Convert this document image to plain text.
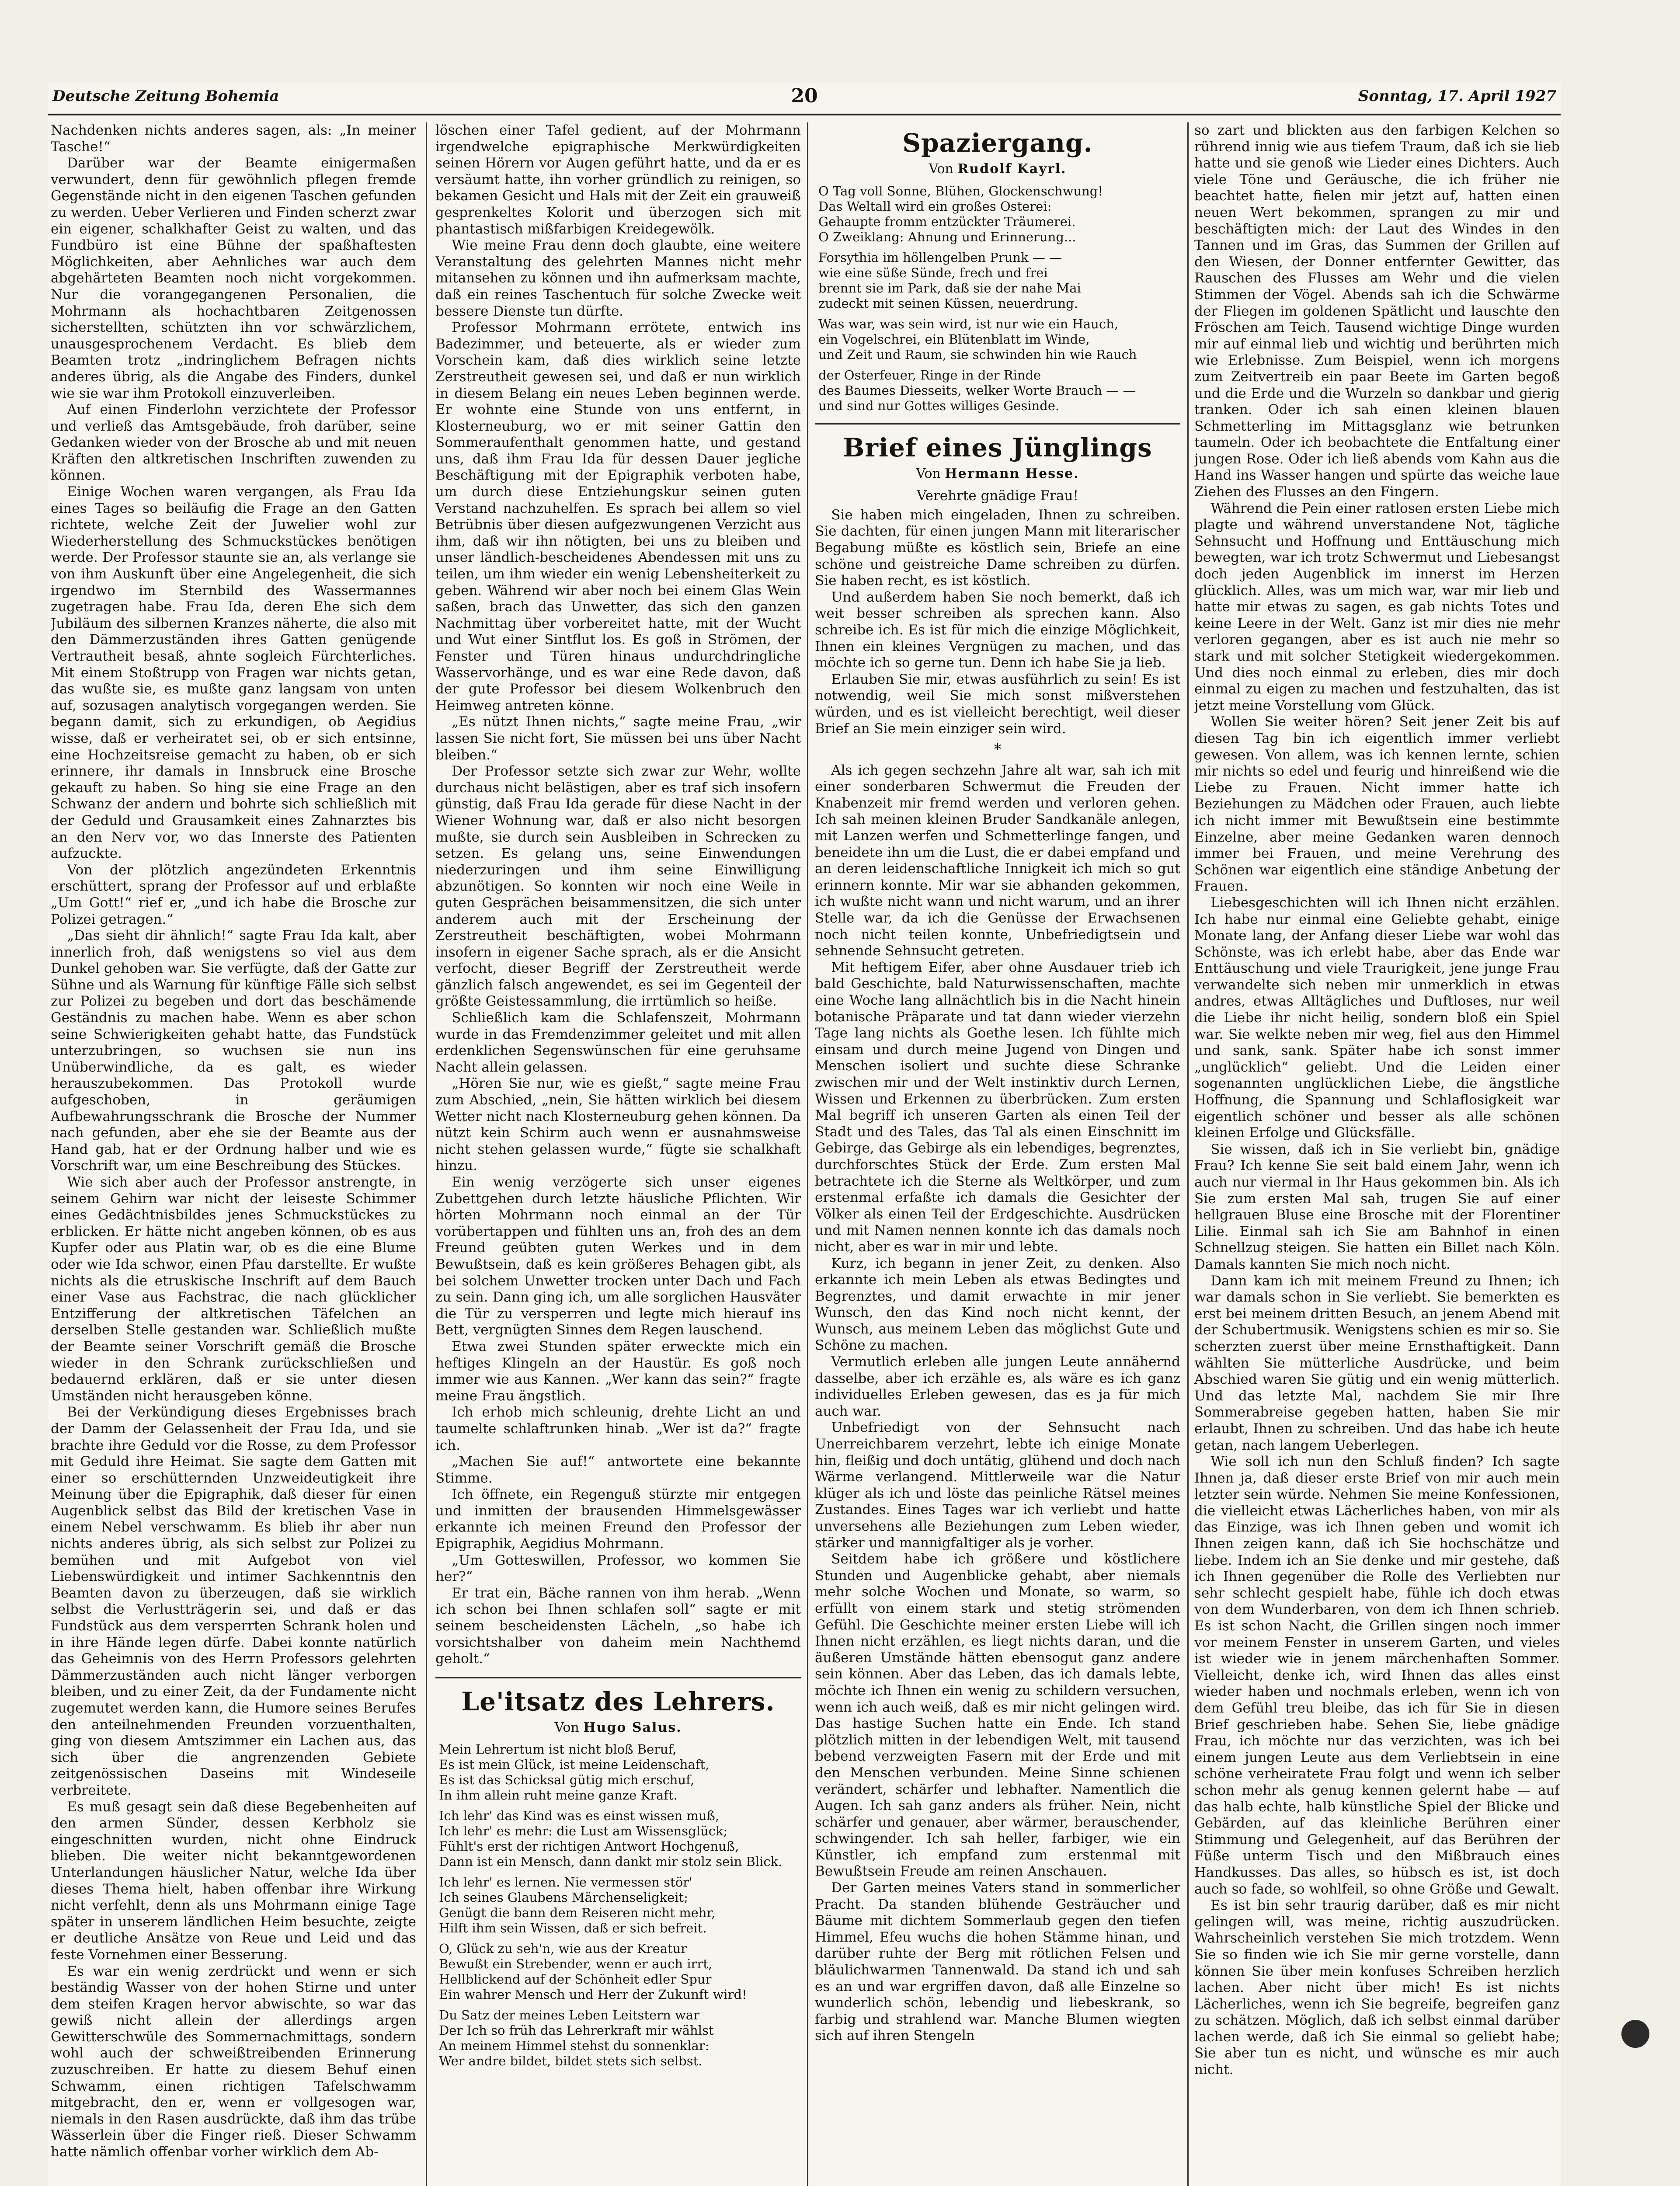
Deutsche Zeitung Bohemia	20	Sonntag, 17. April 1927

Nachdenken nichts anderes sagen, als: „In meiner Tasche!“

Darüber war der Beamte einigermaßen verwundert, denn für gewöhnlich pflegen fremde Gegenstände nicht in den eigenen Taschen gefunden zu werden. Ueber Verlieren und Finden scherzt zwar ein eigener, schalkhafter Geist zu walten, und das Fundbüro ist eine Bühne der spaßhaftesten Möglichkeiten, aber Aehnliches war auch dem abgehärteten Beamten noch nicht vorgekommen. Nur die vorangegangenen Personalien, die Mohrmann als hochachtbaren Zeitgenossen sicherstellten, schützten ihn vor schwärzlichem, unausgesprochenem Verdacht. Es blieb dem Beamten trotz „indringlichem Befragen nichts anderes übrig, als die Angabe des Finders, dunkel wie sie war ihm Protokoll einzuverleiben.

Auf einen Finderlohn verzichtete der Professor und verließ das Amtsgebäude, froh darüber, seine Gedanken wieder von der Brosche ab und mit neuen Kräften den altkretischen Inschriften zuwenden zu können.

Einige Wochen waren vergangen, als Frau Ida eines Tages so beiläufig die Frage an den Gatten richtete, welche Zeit der Juwelier wohl zur Wiederherstellung des Schmuckstückes benötigen werde. Der Professor staunte sie an, als verlange sie von ihm Auskunft über eine Angelegenheit, die sich irgendwo im Sternbild des Wassermannes zugetragen habe. Frau Ida, deren Ehe sich dem Jubiläum des silbernen Kranzes näherte, die also mit den Dämmerzuständen ihres Gatten genügende Vertrautheit besaß, ahnte sogleich Fürchterliches. Mit einem Stoßtrupp von Fragen war nichts getan, das wußte sie, es mußte ganz langsam von unten auf, sozusagen analytisch vorgegangen werden. Sie begann damit, sich zu erkundigen, ob Aegidius wisse, daß er verheiratet sei, ob er sich entsinne, eine Hochzeitsreise gemacht zu haben, ob er sich erinnere, ihr damals in Innsbruck eine Brosche gekauft zu haben. So hing sie eine Frage an den Schwanz der andern und bohrte sich schließlich mit der Geduld und Grausamkeit eines Zahnarztes bis an den Nerv vor, wo das Innerste des Patienten aufzuckte.

Von der plötzlich angezündeten Erkenntnis erschüttert, sprang der Professor auf und erblaßte „Um Gott!“ rief er, „und ich habe die Brosche zur Polizei getragen.“

„Das sieht dir ähnlich!“ sagte Frau Ida kalt, aber innerlich froh, daß wenigstens so viel aus dem Dunkel gehoben war. Sie verfügte, daß der Gatte zur Sühne und als Warnung für künftige Fälle sich selbst zur Polizei zu begeben und dort das beschämende Geständnis zu machen habe. Wenn es aber schon seine Schwierigkeiten gehabt hatte, das Fundstück unterzubringen, so wuchsen sie nun ins Unüberwindliche, da es galt, es wieder herauszubekommen. Das Protokoll wurde aufgeschoben, in geräumigen Aufbewahrungsschrank die Brosche der Nummer nach gefunden, aber ehe sie der Beamte aus der Hand gab, hat er der Ordnung halber und wie es Vorschrift war, um eine Beschreibung des Stückes.

Wie sich aber auch der Professor anstrengte, in seinem Gehirn war nicht der leiseste Schimmer eines Gedächtnisbildes jenes Schmuckstückes zu erblicken. Er hätte nicht angeben können, ob es aus Kupfer oder aus Platin war, ob es die eine Blume oder wie Ida schwor, einen Pfau darstellte. Er wußte nichts als die etruskische Inschrift auf dem Bauch einer Vase aus Fachstrac, die nach glücklicher Entzifferung der altkretischen Täfelchen an derselben Stelle gestanden war. Schließlich mußte der Beamte seiner Vorschrift gemäß die Brosche wieder in den Schrank zurückschließen und bedauernd erklären, daß er sie unter diesen Umständen nicht herausgeben könne.

Bei der Verkündigung dieses Ergebnisses brach der Damm der Gelassenheit der Frau Ida, und sie brachte ihre Geduld vor die Rosse, zu dem Professor mit Geduld ihre Heimat. Sie sagte dem Gatten mit einer so erschütternden Unzweideutigkeit ihre Meinung über die Epigraphik, daß dieser für einen Augenblick selbst das Bild der kretischen Vase in einem Nebel verschwamm. Es blieb ihr aber nun nichts anderes übrig, als sich selbst zur Polizei zu bemühen und mit Aufgebot von viel Liebenswürdigkeit und intimer Sachkenntnis den Beamten davon zu überzeugen, daß sie wirklich selbst die Verlustträgerin sei, und daß er das Fundstück aus dem versperrten Schrank holen und in ihre Hände legen dürfe. Dabei konnte natürlich das Geheimnis von des Herrn Professors gelehrten Dämmerzuständen auch nicht länger verborgen bleiben, und zu einer Zeit, da der Fundamente nicht zugemutet werden kann, die Humore seines Berufes den anteilnehmenden Freunden vorzuenthalten, ging von diesem Amtszimmer ein Lachen aus, das sich über die angrenzenden Gebiete zeitgenössischen Daseins mit Windeseile verbreitete.

Es muß gesagt sein daß diese Begebenheiten auf den armen Sünder, dessen Kerbholz sie eingeschnitten wurden, nicht ohne Eindruck blieben. Die weiter nicht bekanntgewordenen Unterlandungen häuslicher Natur, welche Ida über dieses Thema hielt, haben offenbar ihre Wirkung nicht verfehlt, denn als uns Mohrmann einige Tage später in unserem ländlichen Heim besuchte, zeigte er deutliche Ansätze von Reue und Leid und das feste Vornehmen einer Besserung.

Es war ein wenig zerdrückt und wenn er sich beständig Wasser von der hohen Stirne und unter dem steifen Kragen hervor abwischte, so war das gewiß nicht allein der allerdings argen Gewitterschwüle des Sommernachmittags, sondern wohl auch der schweißtreibenden Erinnerung zuzuschreiben. Er hatte zu diesem Behuf einen Schwamm, einen richtigen Tafelschwamm mitgebracht, den er, wenn er vollgesogen war, niemals in den Rasen ausdrückte, daß ihm das trübe Wässerlein über die Finger rieß. Dieser Schwamm hatte nämlich offenbar vorher wirklich dem Ab-

löschen einer Tafel gedient, auf der Mohrmann irgendwelche epigraphische Merkwürdigkeiten seinen Hörern vor Augen geführt hatte, und da er es versäumt hatte, ihn vorher gründlich zu reinigen, so bekamen Gesicht und Hals mit der Zeit ein grauweiß gesprenkeltes Kolorit und überzogen sich mit phantastisch mißfarbigen Kreidegewölk.

Wie meine Frau denn doch glaubte, eine weitere Veranstaltung des gelehrten Mannes nicht mehr mitansehen zu können und ihn aufmerksam machte, daß ein reines Taschentuch für solche Zwecke weit bessere Dienste tun dürfte.

Professor Mohrmann errötete, entwich ins Badezimmer, und beteuerte, als er wieder zum Vorschein kam, daß dies wirklich seine letzte Zerstreutheit gewesen sei, und daß er nun wirklich in diesem Belang ein neues Leben beginnen werde. Er wohnte eine Stunde von uns entfernt, in Klosterneuburg, wo er mit seiner Gattin den Sommeraufenthalt genommen hatte, und gestand uns, daß ihm Frau Ida für dessen Dauer jegliche Beschäftigung mit der Epigraphik verboten habe, um durch diese Entziehungskur seinen guten Verstand nachzuhelfen. Es sprach bei allem so viel Betrübnis über diesen aufgezwungenen Verzicht aus ihm, daß wir ihn nötigten, bei uns zu bleiben und unser ländlich-bescheidenes Abendessen mit uns zu teilen, um ihm wieder ein wenig Lebensheiterkeit zu geben. Während wir aber noch bei einem Glas Wein saßen, brach das Unwetter, das sich den ganzen Nachmittag über vorbereitet hatte, mit der Wucht und Wut einer Sintflut los. Es goß in Strömen, der Fenster und Türen hinaus undurchdringliche Wasservorhänge, und es war eine Rede davon, daß der gute Professor bei diesem Wolkenbruch den Heimweg antreten könne.

„Es nützt Ihnen nichts,“ sagte meine Frau, „wir lassen Sie nicht fort, Sie müssen bei uns über Nacht bleiben.“

Der Professor setzte sich zwar zur Wehr, wollte durchaus nicht belästigen, aber es traf sich insofern günstig, daß Frau Ida gerade für diese Nacht in der Wiener Wohnung war, daß er also nicht besorgen mußte, sie durch sein Ausbleiben in Schrecken zu setzen. Es gelang uns, seine Einwendungen niederzuringen und ihm seine Einwilligung abzunötigen. So konnten wir noch eine Weile in guten Gesprächen beisammensitzen, die sich unter anderem auch mit der Erscheinung der Zerstreutheit beschäftigten, wobei Mohrmann insofern in eigener Sache sprach, als er die Ansicht verfocht, dieser Begriff der Zerstreutheit werde gänzlich falsch angewendet, es sei im Gegenteil der größte Geistessammlung, die irrtümlich so heiße.

Schließlich kam die Schlafenszeit, Mohrmann wurde in das Fremdenzimmer geleitet und mit allen erdenklichen Segenswünschen für eine geruhsame Nacht allein gelassen.

„Hören Sie nur, wie es gießt,“ sagte meine Frau zum Abschied, „nein, Sie hätten wirklich bei diesem Wetter nicht nach Klosterneuburg gehen können. Da nützt kein Schirm auch wenn er ausnahmsweise nicht stehen gelassen wurde,“ fügte sie schalkhaft hinzu.

Ein wenig verzögerte sich unser eigenes Zubettgehen durch letzte häusliche Pflichten. Wir hörten Mohrmann noch einmal an der Tür vorübertappen und fühlten uns an, froh des an dem Freund geübten guten Werkes und in dem Bewußtsein, daß es kein größeres Behagen gibt, als bei solchem Unwetter trocken unter Dach und Fach zu sein. Dann ging ich, um alle sorglichen Hausväter die Tür zu versperren und legte mich hierauf ins Bett, vergnügten Sinnes dem Regen lauschend.

Etwa zwei Stunden später erweckte mich ein heftiges Klingeln an der Haustür. Es goß noch immer wie aus Kannen. „Wer kann das sein?“ fragte meine Frau ängstlich.

Ich erhob mich schleunig, drehte Licht an und taumelte schlaftrunken hinab. „Wer ist da?“ fragte ich.

„Machen Sie auf!“ antwortete eine bekannte Stimme.

Ich öffnete, ein Regenguß stürzte mir entgegen und inmitten der brausenden Himmelsgewässer erkannte ich meinen Freund den Professor der Epigraphik, Aegidius Mohrmann.

„Um Gotteswillen, Professor, wo kommen Sie her?“

Er trat ein, Bäche rannen von ihm herab. „Wenn ich schon bei Ihnen schlafen soll“ sagte er mit seinem bescheidensten Lächeln, „so habe ich vorsichtshalber von daheim mein Nachthemd geholt.“

Le'itsatz des Lehrers.
Von Hugo Salus.
Mein Lehrertum ist nicht bloß Beruf,
Es ist mein Glück, ist meine Leidenschaft,
Es ist das Schicksal gütig mich erschuf,
In ihm allein ruht meine ganze Kraft.
Ich lehr' das Kind was es einst wissen muß,
Ich lehr' es mehr: die Lust am Wissensglück;
Fühlt's erst der richtigen Antwort Hochgenuß,
Dann ist ein Mensch, dann dankt mir stolz sein Blick.
Ich lehr' es lernen. Nie vermessen stör'
Ich seines Glaubens Märchenseligkeit;
Genügt die bann dem Reiseren nicht mehr,
Hilft ihm sein Wissen, daß er sich befreit.
O, Glück zu seh'n, wie aus der Kreatur
Bewußt ein Strebender, wenn er auch irrt,
Hellblickend auf der Schönheit edler Spur
Ein wahrer Mensch und Herr der Zukunft wird!
Du Satz der meines Leben Leitstern war
Der Ich so früh das Lehrerkraft mir wählst
An meinem Himmel stehst du sonnenklar:
Wer andre bildet, bildet stets sich selbst.
Spaziergang.
Von Rudolf Kayrl.
O Tag voll Sonne, Blühen, Glockenschwung!
Das Weltall wird ein großes Osterei:
Gehaupte fromm entzückter Träumerei.
O Zweiklang: Ahnung und Erinnerung...
Forsythia im höllengelben Prunk — —
wie eine süße Sünde, frech und frei
brennt sie im Park, daß sie der nahe Mai
zudeckt mit seinen Küssen, neuerdrung.
Was war, was sein wird, ist nur wie ein Hauch,
ein Vogelschrei, ein Blütenblatt im Winde,
und Zeit und Raum, sie schwinden hin wie Rauch
der Osterfeuer, Ringe in der Rinde
des Baumes Diesseits, welker Worte Brauch — —
und sind nur Gottes williges Gesinde.
Brief eines Jünglings
Von Hermann Hesse.
Verehrte gnädige Frau!

Sie haben mich eingeladen, Ihnen zu schreiben. Sie dachten, für einen jungen Mann mit literarischer Begabung müßte es köstlich sein, Briefe an eine schöne und geistreiche Dame schreiben zu dürfen. Sie haben recht, es ist köstlich.

Und außerdem haben Sie noch bemerkt, daß ich weit besser schreiben als sprechen kann. Also schreibe ich. Es ist für mich die einzige Möglichkeit, Ihnen ein kleines Vergnügen zu machen, und das möchte ich so gerne tun. Denn ich habe Sie ja lieb.

Erlauben Sie mir, etwas ausführlich zu sein! Es ist notwendig, weil Sie mich sonst mißverstehen würden, und es ist vielleicht berechtigt, weil dieser Brief an Sie mein einziger sein wird.

*

Als ich gegen sechzehn Jahre alt war, sah ich mit einer sonderbaren Schwermut die Freuden der Knabenzeit mir fremd werden und verloren gehen. Ich sah meinen kleinen Bruder Sandkanäle anlegen, mit Lanzen werfen und Schmetterlinge fangen, und beneidete ihn um die Lust, die er dabei empfand und an deren leidenschaftliche Innigkeit ich mich so gut erinnern konnte. Mir war sie abhanden gekommen, ich wußte nicht wann und nicht warum, und an ihrer Stelle war, da ich die Genüsse der Erwachsenen noch nicht teilen konnte, Unbefriedigtsein und sehnende Sehnsucht getreten.

Mit heftigem Eifer, aber ohne Ausdauer trieb ich bald Geschichte, bald Naturwissenschaften, machte eine Woche lang allnächtlich bis in die Nacht hinein botanische Präparate und tat dann wieder vierzehn Tage lang nichts als Goethe lesen. Ich fühlte mich einsam und durch meine Jugend von Dingen und Menschen isoliert und suchte diese Schranke zwischen mir und der Welt instinktiv durch Lernen, Wissen und Erkennen zu überbrücken. Zum ersten Mal begriff ich unseren Garten als einen Teil der Stadt und des Tales, das Tal als einen Einschnitt im Gebirge, das Gebirge als ein lebendiges, begrenztes, durchforschtes Stück der Erde. Zum ersten Mal betrachtete ich die Sterne als Weltkörper, und zum erstenmal erfaßte ich damals die Gesichter der Völker als einen Teil der Erdgeschichte. Ausdrücken und mit Namen nennen konnte ich das damals noch nicht, aber es war in mir und lebte.

Kurz, ich begann in jener Zeit, zu denken. Also erkannte ich mein Leben als etwas Bedingtes und Begrenztes, und damit erwachte in mir jener Wunsch, den das Kind noch nicht kennt, der Wunsch, aus meinem Leben das möglichst Gute und Schöne zu machen.

Vermutlich erleben alle jungen Leute annähernd dasselbe, aber ich erzähle es, als wäre es ich ganz individuelles Erleben gewesen, das es ja für mich auch war.

Unbefriedigt von der Sehnsucht nach Unerreichbarem verzehrt, lebte ich einige Monate hin, fleißig und doch untätig, glühend und doch nach Wärme verlangend. Mittlerweile war die Natur klüger als ich und löste das peinliche Rätsel meines Zustandes. Eines Tages war ich verliebt und hatte unversehens alle Beziehungen zum Leben wieder, stärker und mannigfaltiger als je vorher.

Seitdem habe ich größere und köstlichere Stunden und Augenblicke gehabt, aber niemals mehr solche Wochen und Monate, so warm, so erfüllt von einem stark und stetig strömenden Gefühl. Die Geschichte meiner ersten Liebe will ich Ihnen nicht erzählen, es liegt nichts daran, und die äußeren Umstände hätten ebensogut ganz andere sein können. Aber das Leben, das ich damals lebte, möchte ich Ihnen ein wenig zu schildern versuchen, wenn ich auch weiß, daß es mir nicht gelingen wird. Das hastige Suchen hatte ein Ende. Ich stand plötzlich mitten in der lebendigen Welt, mit tausend bebend verzweigten Fasern mit der Erde und mit den Menschen verbunden. Meine Sinne schienen verändert, schärfer und lebhafter. Namentlich die Augen. Ich sah ganz anders als früher. Nein, nicht schärfer und genauer, aber wärmer, berauschender, schwingender. Ich sah heller, farbiger, wie ein Künstler, ich empfand zum erstenmal mit Bewußtsein Freude am reinen Anschauen.

Der Garten meines Vaters stand in sommerlicher Pracht. Da standen blühende Gesträucher und Bäume mit dichtem Sommerlaub gegen den tiefen Himmel, Efeu wuchs die hohen Stämme hinan, und darüber ruhte der Berg mit rötlichen Felsen und bläulichwarmen Tannenwald. Da stand ich und sah es an und war ergriffen davon, daß alle Einzelne so wunderlich schön, lebendig und liebeskrank, so farbig und strahlend war. Manche Blumen wiegten sich auf ihren Stengeln

so zart und blickten aus den farbigen Kelchen so rührend innig wie aus tiefem Traum, daß ich sie lieb hatte und sie genoß wie Lieder eines Dichters. Auch viele Töne und Geräusche, die ich früher nie beachtet hatte, fielen mir jetzt auf, hatten einen neuen Wert bekommen, sprangen zu mir und beschäftigten mich: der Laut des Windes in den Tannen und im Gras, das Summen der Grillen auf den Wiesen, der Donner entfernter Gewitter, das Rauschen des Flusses am Wehr und die vielen Stimmen der Vögel. Abends sah ich die Schwärme der Fliegen im goldenen Spätlicht und lauschte den Fröschen am Teich. Tausend wichtige Dinge wurden mir auf einmal lieb und wichtig und berührten mich wie Erlebnisse. Zum Beispiel, wenn ich morgens zum Zeitvertreib ein paar Beete im Garten begoß und die Erde und die Wurzeln so dankbar und gierig tranken. Oder ich sah einen kleinen blauen Schmetterling im Mittagsglanz wie betrunken taumeln. Oder ich beobachtete die Entfaltung einer jungen Rose. Oder ich ließ abends vom Kahn aus die Hand ins Wasser hangen und spürte das weiche laue Ziehen des Flusses an den Fingern.

Während die Pein einer ratlosen ersten Liebe mich plagte und während unverstandene Not, tägliche Sehnsucht und Hoffnung und Enttäuschung mich bewegten, war ich trotz Schwermut und Liebesangst doch jeden Augenblick im innerst im Herzen glücklich. Alles, was um mich war, war mir lieb und hatte mir etwas zu sagen, es gab nichts Totes und keine Leere in der Welt. Ganz ist mir dies nie mehr verloren gegangen, aber es ist auch nie mehr so stark und mit solcher Stetigkeit wiedergekommen. Und dies noch einmal zu erleben, dies mir doch einmal zu eigen zu machen und festzuhalten, das ist jetzt meine Vorstellung vom Glück.

Wollen Sie weiter hören? Seit jener Zeit bis auf diesen Tag bin ich eigentlich immer verliebt gewesen. Von allem, was ich kennen lernte, schien mir nichts so edel und feurig und hinreißend wie die Liebe zu Frauen. Nicht immer hatte ich Beziehungen zu Mädchen oder Frauen, auch liebte ich nicht immer mit Bewußtsein eine bestimmte Einzelne, aber meine Gedanken waren dennoch immer bei Frauen, und meine Verehrung des Schönen war eigentlich eine ständige Anbetung der Frauen.

Liebesgeschichten will ich Ihnen nicht erzählen. Ich habe nur einmal eine Geliebte gehabt, einige Monate lang, der Anfang dieser Liebe war wohl das Schönste, was ich erlebt habe, aber das Ende war Enttäuschung und viele Traurigkeit, jene junge Frau verwandelte sich neben mir unmerklich in etwas andres, etwas Alltägliches und Duftloses, nur weil die Liebe ihr nicht heilig, sondern bloß ein Spiel war. Sie welkte neben mir weg, fiel aus den Himmel und sank, sank. Später habe ich sonst immer „unglücklich“ geliebt. Und die Leiden einer sogenannten unglücklichen Liebe, die ängstliche Hoffnung, die Spannung und Schlaflosigkeit war eigentlich schöner und besser als alle schönen kleinen Erfolge und Glücksfälle.

Sie wissen, daß ich in Sie verliebt bin, gnädige Frau? Ich kenne Sie seit bald einem Jahr, wenn ich auch nur viermal in Ihr Haus gekommen bin. Als ich Sie zum ersten Mal sah, trugen Sie auf einer hellgrauen Bluse eine Brosche mit der Florentiner Lilie. Einmal sah ich Sie am Bahnhof in einen Schnellzug steigen. Sie hatten ein Billet nach Köln. Damals kannten Sie mich noch nicht.

Dann kam ich mit meinem Freund zu Ihnen; ich war damals schon in Sie verliebt. Sie bemerkten es erst bei meinem dritten Besuch, an jenem Abend mit der Schubertmusik. Wenigstens schien es mir so. Sie scherzten zuerst über meine Ernsthaftigkeit. Dann wählten Sie mütterliche Ausdrücke, und beim Abschied waren Sie gütig und ein wenig mütterlich. Und das letzte Mal, nachdem Sie mir Ihre Sommerabreise gegeben hatten, haben Sie mir erlaubt, Ihnen zu schreiben. Und das habe ich heute getan, nach langem Ueberlegen.

Wie soll ich nun den Schluß finden? Ich sagte Ihnen ja, daß dieser erste Brief von mir auch mein letzter sein würde. Nehmen Sie meine Konfessionen, die vielleicht etwas Lächerliches haben, von mir als das Einzige, was ich Ihnen geben und womit ich Ihnen zeigen kann, daß ich Sie hochschätze und liebe. Indem ich an Sie denke und mir gestehe, daß ich Ihnen gegenüber die Rolle des Verliebten nur sehr schlecht gespielt habe, fühle ich doch etwas von dem Wunderbaren, von dem ich Ihnen schrieb. Es ist schon Nacht, die Grillen singen noch immer vor meinem Fenster in unserem Garten, und vieles ist wieder wie in jenem märchenhaften Sommer. Vielleicht, denke ich, wird Ihnen das alles einst wieder haben und nochmals erleben, wenn ich von dem Gefühl treu bleibe, das ich für Sie in diesen Brief geschrieben habe. Sehen Sie, liebe gnädige Frau, ich möchte nur das verzichten, was ich bei einem jungen Leute aus dem Verliebtsein in eine schöne verheiratete Frau folgt und wenn ich selber schon mehr als genug kennen gelernt habe — auf das halb echte, halb künstliche Spiel der Blicke und Gebärden, auf das kleinliche Berühren einer Stimmung und Gelegenheit, auf das Berühren der Füße unterm Tisch und den Mißbrauch eines Handkusses. Das alles, so hübsch es ist, ist doch auch so fade, so wohlfeil, so ohne Größe und Gewalt.

Es ist bin sehr traurig darüber, daß es mir nicht gelingen will, was meine, richtig auszudrücken. Wahrscheinlich verstehen Sie mich trotzdem. Wenn Sie so finden wie ich Sie mir gerne vorstelle, dann können Sie über mein konfuses Schreiben herzlich lachen. Aber nicht über mich! Es ist nichts Lächerliches, wenn ich Sie begreife, begreifen ganz zu schätzen. Möglich, daß ich selbst einmal darüber lachen werde, daß ich Sie einmal so geliebt habe; Sie aber tun es nicht, und wünsche es mir auch nicht.
